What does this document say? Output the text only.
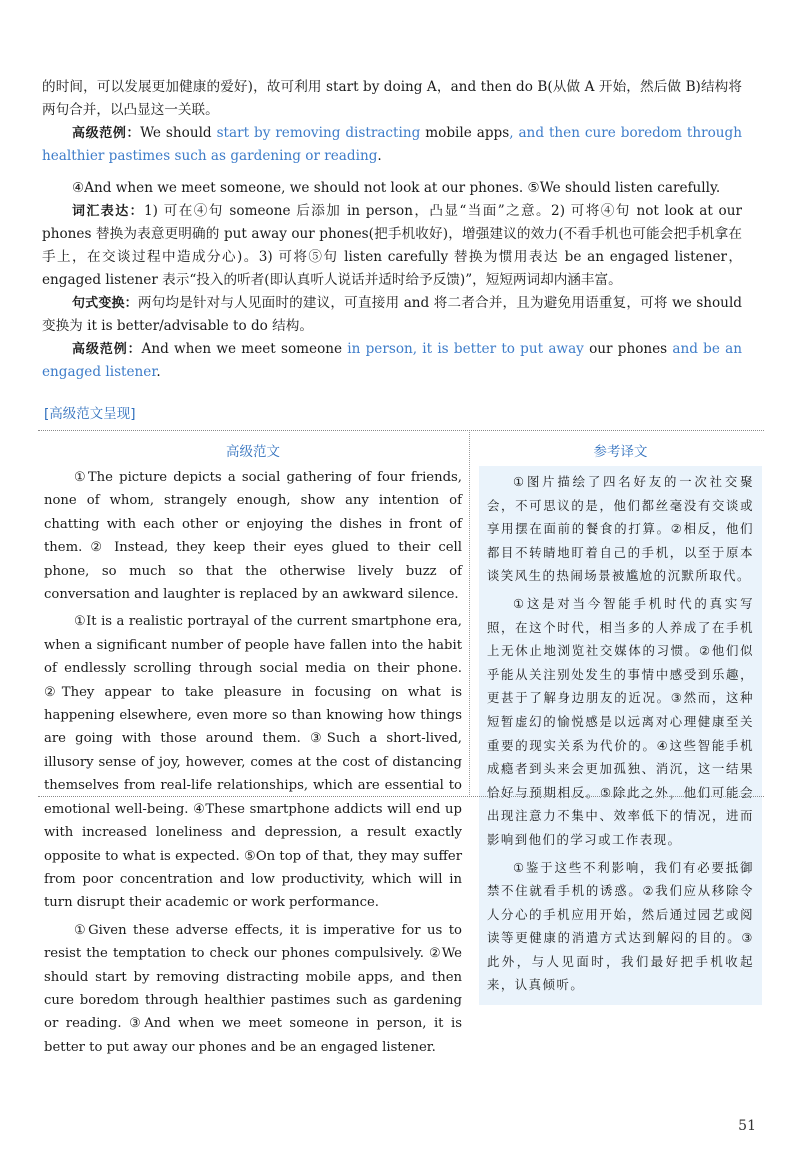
的时间，可以发展更加健康的爱好)，故可利用 start by doing A，and then do B(从做 A 开始，然后做 B)结构将两句合并，以凸显这一关联。

高级范例：We should start by removing distracting mobile apps, and then cure boredom through healthier pastimes such as gardening or reading.

④And when we meet someone, we should not look at our phones. ⑤We should listen carefully.

词汇表达：1) 可在④句 someone 后添加 in person，凸显“当面”之意。2) 可将④句 not look at our phones 替换为表意更明确的 put away our phones(把手机收好)，增强建议的效力(不看手机也可能会把手机拿在手上，在交谈过程中造成分心)。3) 可将⑤句 listen carefully 替换为惯用表达 be an engaged listener，engaged listener 表示“投入的听者(即认真听人说话并适时给予反馈)”，短短两词却内涵丰富。

句式变换：两句均是针对与人见面时的建议，可直接用 and 将二者合并，且为避免用语重复，可将 we should 变换为 it is better/advisable to do 结构。

高级范例：And when we meet someone in person, it is better to put away our phones and be an engaged listener.

[高级范文呈现]
高级范文	参考译文

①The picture depicts a social gathering of four friends, none of whom, strangely enough, show any intention of chatting with each other or enjoying the dishes in front of them. ② Instead, they keep their eyes glued to their cell phone, so much so that the otherwise lively buzz of conversation and laughter is replaced by an awkward silence.

①It is a realistic portrayal of the current smartphone era, when a significant number of people have fallen into the habit of endlessly scrolling through social media on their phone. ②They appear to take pleasure in focusing on what is happening elsewhere, even more so than knowing how things are going with those around them. ③Such a short-lived, illusory sense of joy, however, comes at the cost of distancing themselves from real-life relationships, which are essential to emotional well-being. ④These smartphone addicts will end up with increased loneliness and depression, a result exactly opposite to what is expected. ⑤On top of that, they may suffer from poor concentration and low productivity, which will in turn disrupt their academic or work performance.

①Given these adverse effects, it is imperative for us to resist the temptation to check our phones compulsively. ②We should start by removing distracting mobile apps, and then cure boredom through healthier pastimes such as gardening or reading. ③And when we meet someone in person, it is better to put away our phones and be an engaged listener.

①图片描绘了四名好友的一次社交聚会，不可思议的是，他们都丝毫没有交谈或享用摆在面前的餐食的打算。②相反，他们都目不转睛地盯着自己的手机，以至于原本谈笑风生的热闹场景被尴尬的沉默所取代。

①这是对当今智能手机时代的真实写照，在这个时代，相当多的人养成了在手机上无休止地浏览社交媒体的习惯。②他们似乎能从关注别处发生的事情中感受到乐趣，更甚于了解身边朋友的近况。③然而，这种短暂虚幻的愉悦感是以远离对心理健康至关重要的现实关系为代价的。④这些智能手机成瘾者到头来会更加孤独、消沉，这一结果恰好与预期相反。⑤除此之外，他们可能会出现注意力不集中、效率低下的情况，进而影响到他们的学习或工作表现。

①鉴于这些不利影响，我们有必要抵御禁不住就看手机的诱惑。②我们应从移除令人分心的手机应用开始，然后通过园艺或阅读等更健康的消遣方式达到解闷的目的。③此外，与人见面时，我们最好把手机收起来，认真倾听。

51
